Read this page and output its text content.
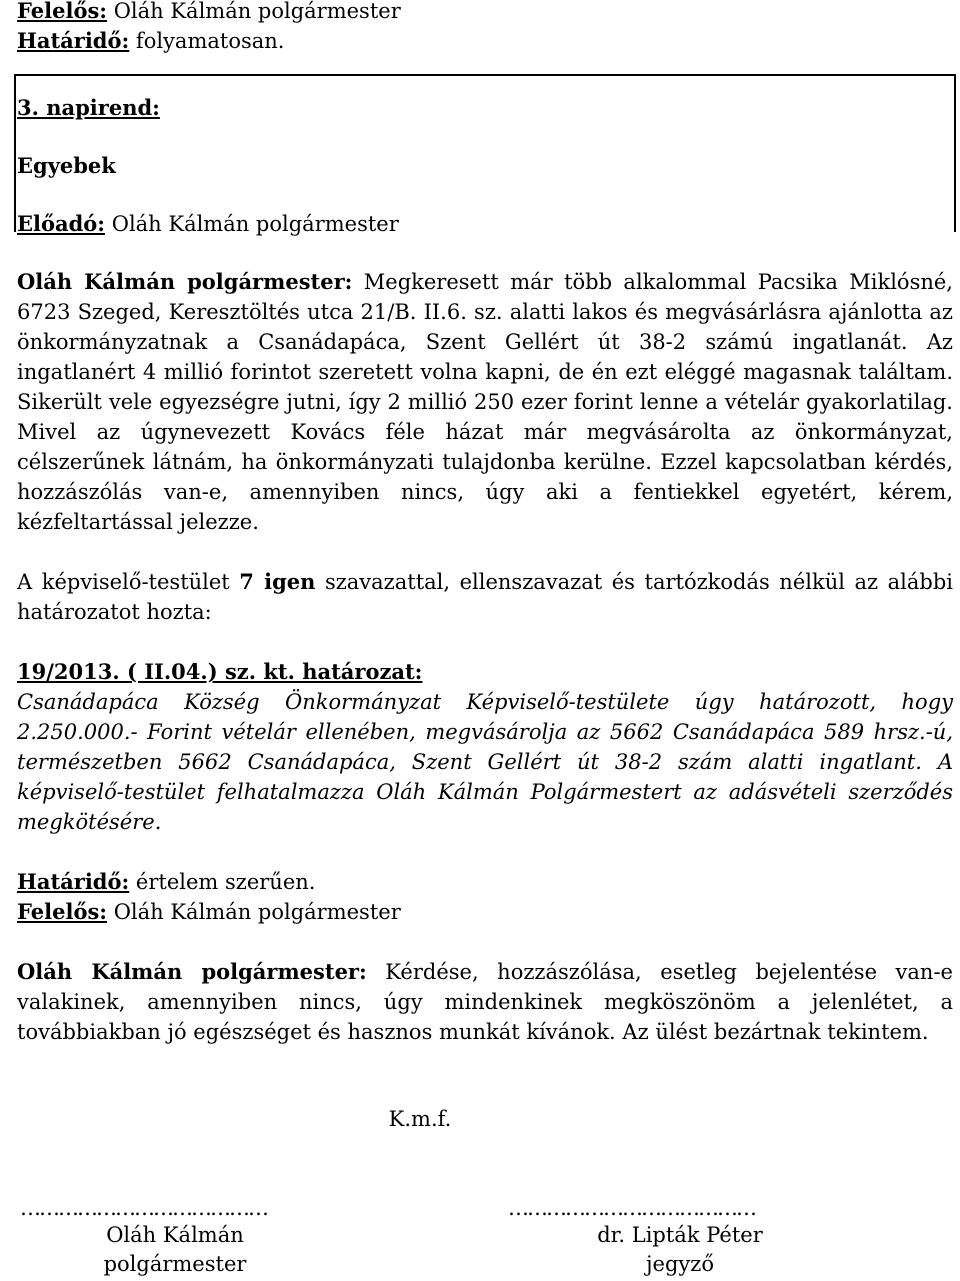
Felelős: Oláh Kálmán polgármester

Határidő: folyamatosan.

3. napirend:

Egyebek

Előadó: Oláh Kálmán polgármester

Oláh Kálmán polgármester: Megkeresett már több alkalommal Pacsika Miklósné, 6723 Szeged, Keresztöltés utca 21/B. II.6. sz. alatti lakos és megvásárlásra ajánlotta az önkormányzatnak a Csanádapáca, Szent Gellért út 38-2 számú ingatlanát. Az ingatlanért 4 millió forintot szeretett volna kapni, de én ezt eléggé magasnak találtam. Sikerült vele egyezségre jutni, így 2 millió 250 ezer forint lenne a vételár gyakorlatilag. Mivel az úgynevezett Kovács féle házat már megvásárolta az önkormányzat, célszerűnek látnám, ha önkormányzati tulajdonba kerülne. Ezzel kapcsolatban kérdés, hozzászólás van-e, amennyiben nincs, úgy aki a fentiekkel egyetért, kérem, kézfeltartással jelezze.

A képviselő-testület 7 igen szavazattal, ellenszavazat és tartózkodás nélkül az alábbi határozatot hozta:

19/2013. ( II.04.) sz. kt. határozat:

Csanádapáca Község Önkormányzat Képviselő-testülete úgy határozott, hogy 2.250.000.- Forint vételár ellenében, megvásárolja az 5662 Csanádapáca 589 hrsz.-ú, természetben 5662 Csanádapáca, Szent Gellért út 38-2 szám alatti ingatlant. A képviselő-testület felhatalmazza Oláh Kálmán Polgármestert az adásvételi szerződés megkötésére.

Határidő: értelem szerűen.

Felelős: Oláh Kálmán polgármester

Oláh Kálmán polgármester: Kérdése, hozzászólása, esetleg bejelentése van-e valakinek, amennyiben nincs, úgy mindenkinek megköszönöm a jelenlétet, a továbbiakban jó egészséget és hasznos munkát kívánok. Az ülést bezártnak tekintem.

K.m.f.
…………………………………
Oláh Kálmán
polgármester
…………………………………
dr. Lipták Péter
jegyző
